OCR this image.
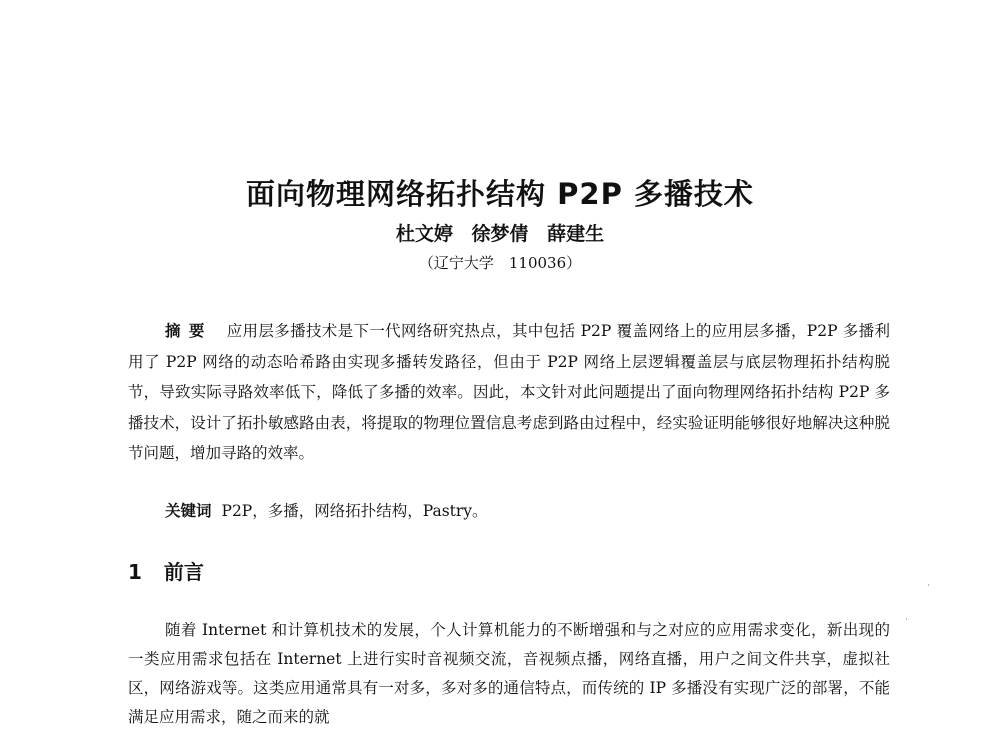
面向物理网络拓扑结构 P2P 多播技术

杜文婷 徐梦倩 薛建生

（辽宁大学　110036）

摘要 应用层多播技术是下一代网络研究热点，其中包括 P2P 覆盖网络上的应用层多播，P2P 多播利用了 P2P 网络的动态哈希路由实现多播转发路径，但由于 P2P 网络上层逻辑覆盖层与底层物理拓扑结构脱节，导致实际寻路效率低下，降低了多播的效率。因此，本文针对此问题提出了面向物理网络拓扑结构 P2P 多播技术，设计了拓扑敏感路由表，将提取的物理位置信息考虑到路由过程中，经实验证明能够很好地解决这种脱节问题，增加寻路的效率。

关键词 P2P，多播，网络拓扑结构，Pastry。

1 前言

随着 Internet 和计算机技术的发展，个人计算机能力的不断增强和与之对应的应用需求变化，新出现的一类应用需求包括在 Internet 上进行实时音视频交流，音视频点播，网络直播，用户之间文件共享，虚拟社区，网络游戏等。这类应用通常具有一对多，多对多的通信特点，而传统的 IP 多播没有实现广泛的部署，不能满足应用需求，随之而来的就
